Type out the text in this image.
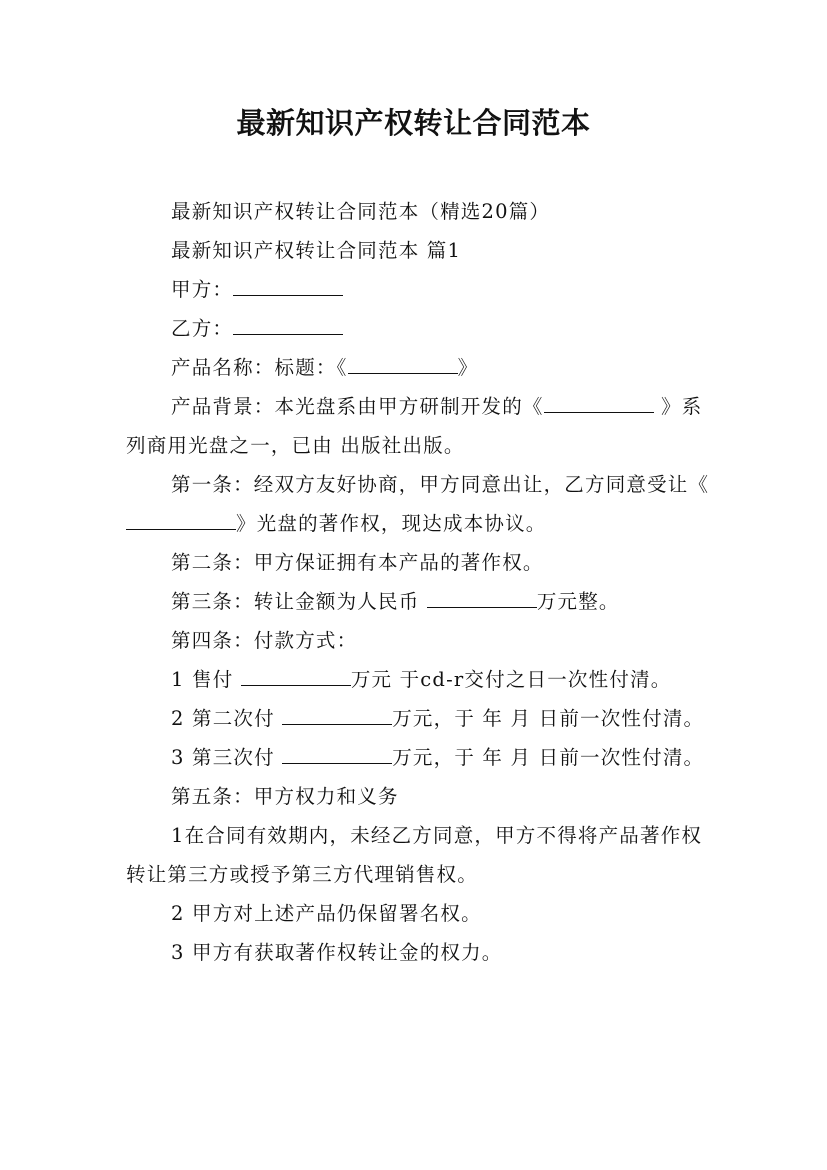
最新知识产权转让合同范本

最新知识产权转让合同范本（精选20篇）

最新知识产权转让合同范本 篇1

甲方：

乙方：

产品名称：标题：《	》

产品背景：本光盘系由甲方研制开发的《	》系列商用光盘之一，已由 出版社出版。

第一条：经双方友好协商，甲方同意出让，乙方同意受让《 》光盘的著作权，现达成本协议。

第二条：甲方保证拥有本产品的著作权。

第三条：转让金额为人民币	万元整。

第四条：付款方式：

1 售付	万元 于cd-r交付之日一次性付清。

2 第二次付	万元，于 年 月 日前一次性付清。

3 第三次付	万元，于 年 月 日前一次性付清。

第五条：甲方权力和义务

1在合同有效期内，未经乙方同意，甲方不得将产品著作权转让第三方或授予第三方代理销售权。

2 甲方对上述产品仍保留署名权。

3 甲方有获取著作权转让金的权力。
